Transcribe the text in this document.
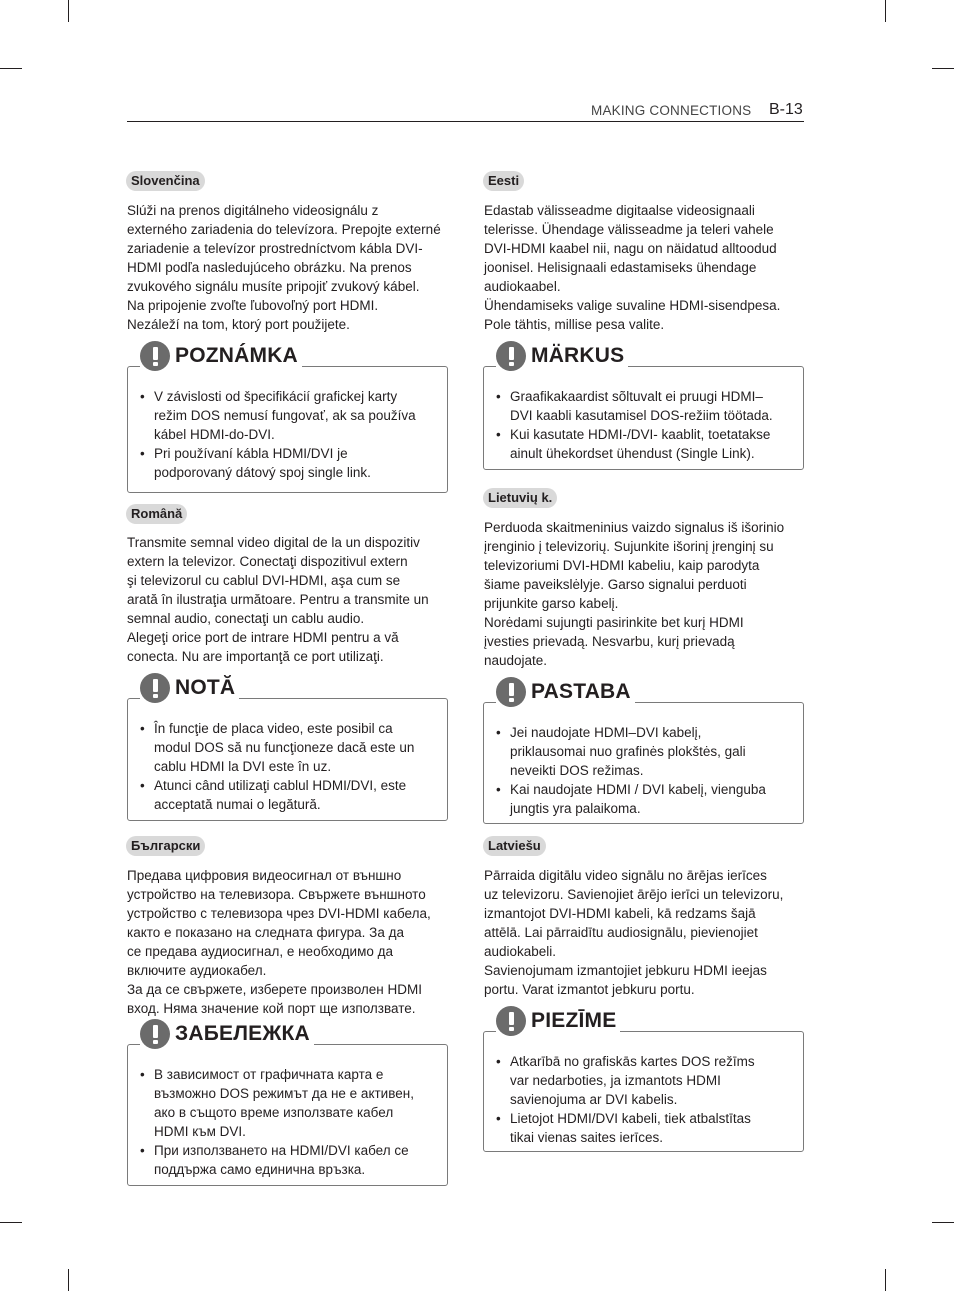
MAKING CONNECTIONS B-13
Slovenčina
Slúži na prenos digitálneho videosignálu z
externého zariadenia do televízora. Prepojte externé
zariadenie a televízor prostredníctvom kábla DVI-
HDMI podľa nasledujúceho obrázku. Na prenos
zvukového signálu musíte pripojiť zvukový kábel.
Na pripojenie zvoľte ľubovoľný port HDMI.
Nezáleží na tom, ktorý port použijete.
POZNÁMKA
• V závislosti od špecifikácií grafickej karty
režim DOS nemusí fungovať, ak sa používa
kábel HDMI-do-DVI.
• Pri používaní kábla HDMI/DVI je
podporovaný dátový spoj single link.
Română
Transmite semnal video digital de la un dispozitiv
extern la televizor. Conectaţi dispozitivul extern
şi televizorul cu cablul DVI-HDMI, aşa cum se
arată în ilustraţia următoare. Pentru a transmite un
semnal audio, conectaţi un cablu audio.
Alegeţi orice port de intrare HDMI pentru a vă
conecta. Nu are importanţă ce port utilizaţi.
NOTĂ
• În funcţie de placa video, este posibil ca
modul DOS să nu funcţioneze dacă este un
cablu HDMI la DVI este în uz.
• Atunci când utilizaţi cablul HDMI/DVI, este
acceptată numai o legătură.
Български
Предава цифровия видеосигнал от външно
устройство на телевизора. Свържете външното
устройство с телевизора чрез DVI-HDMI кабела,
както е показано на следната фигура. За да
се предава аудиосигнал, е необходимо да
включите аудиокабел.
За да се свържете, изберете произволен HDMI
вход. Няма значение кой порт ще използвате.
ЗАБЕЛЕЖКА
• В зависимост от графичната карта е
възможно DOS режимът да не е активен,
ако в същото време използвате кабел
HDMI към DVI.
• При използването на HDMI/DVI кабел се
поддържа само единична връзка.
Eesti
Edastab välisseadme digitaalse videosignaali
telerisse. Ühendage välisseadme ja teleri vahele
DVI-HDMI kaabel nii, nagu on näidatud alltoodud
joonisel. Helisignaali edastamiseks ühendage
audiokaabel.
Ühendamiseks valige suvaline HDMI-sisendpesa.
Pole tähtis, millise pesa valite.
MÄRKUS
• Graafikakaardist sõltuvalt ei pruugi HDMI–
DVI kaabli kasutamisel DOS-režiim töötada.
• Kui kasutate HDMI-/DVI- kaablit, toetatakse
ainult ühekordset ühendust (Single Link).
Lietuvių k.
Perduoda skaitmeninius vaizdo signalus iš išorinio
įrenginio į televizorių. Sujunkite išorinį įrenginį su
televizoriumi DVI-HDMI kabeliu, kaip parodyta
šiame paveikslėlyje. Garso signalui perduoti
prijunkite garso kabelį.
Norėdami sujungti pasirinkite bet kurį HDMI
įvesties prievadą. Nesvarbu, kurį prievadą
naudojate.
PASTABA
• Jei naudojate HDMI–DVI kabelį,
priklausomai nuo grafinės plokštės, gali
neveikti DOS režimas.
• Kai naudojate HDMI / DVI kabelį, vienguba
jungtis yra palaikoma.
Latviešu
Pārraida digitālu video signālu no ārējas ierīces
uz televizoru. Savienojiet ārējo ierīci un televizoru,
izmantojot DVI-HDMI kabeli, kā redzams šajā
attēlā. Lai pārraidītu audiosignālu, pievienojiet
audiokabeli.
Savienojumam izmantojiet jebkuru HDMI ieejas
portu. Varat izmantot jebkuru portu.
PIEZĪME
• Atkarībā no grafiskās kartes DOS režīms
var nedarboties, ja izmantots HDMI
savienojuma ar DVI kabelis.
• Lietojot HDMI/DVI kabeli, tiek atbalstītas
tikai vienas saites ierīces.
